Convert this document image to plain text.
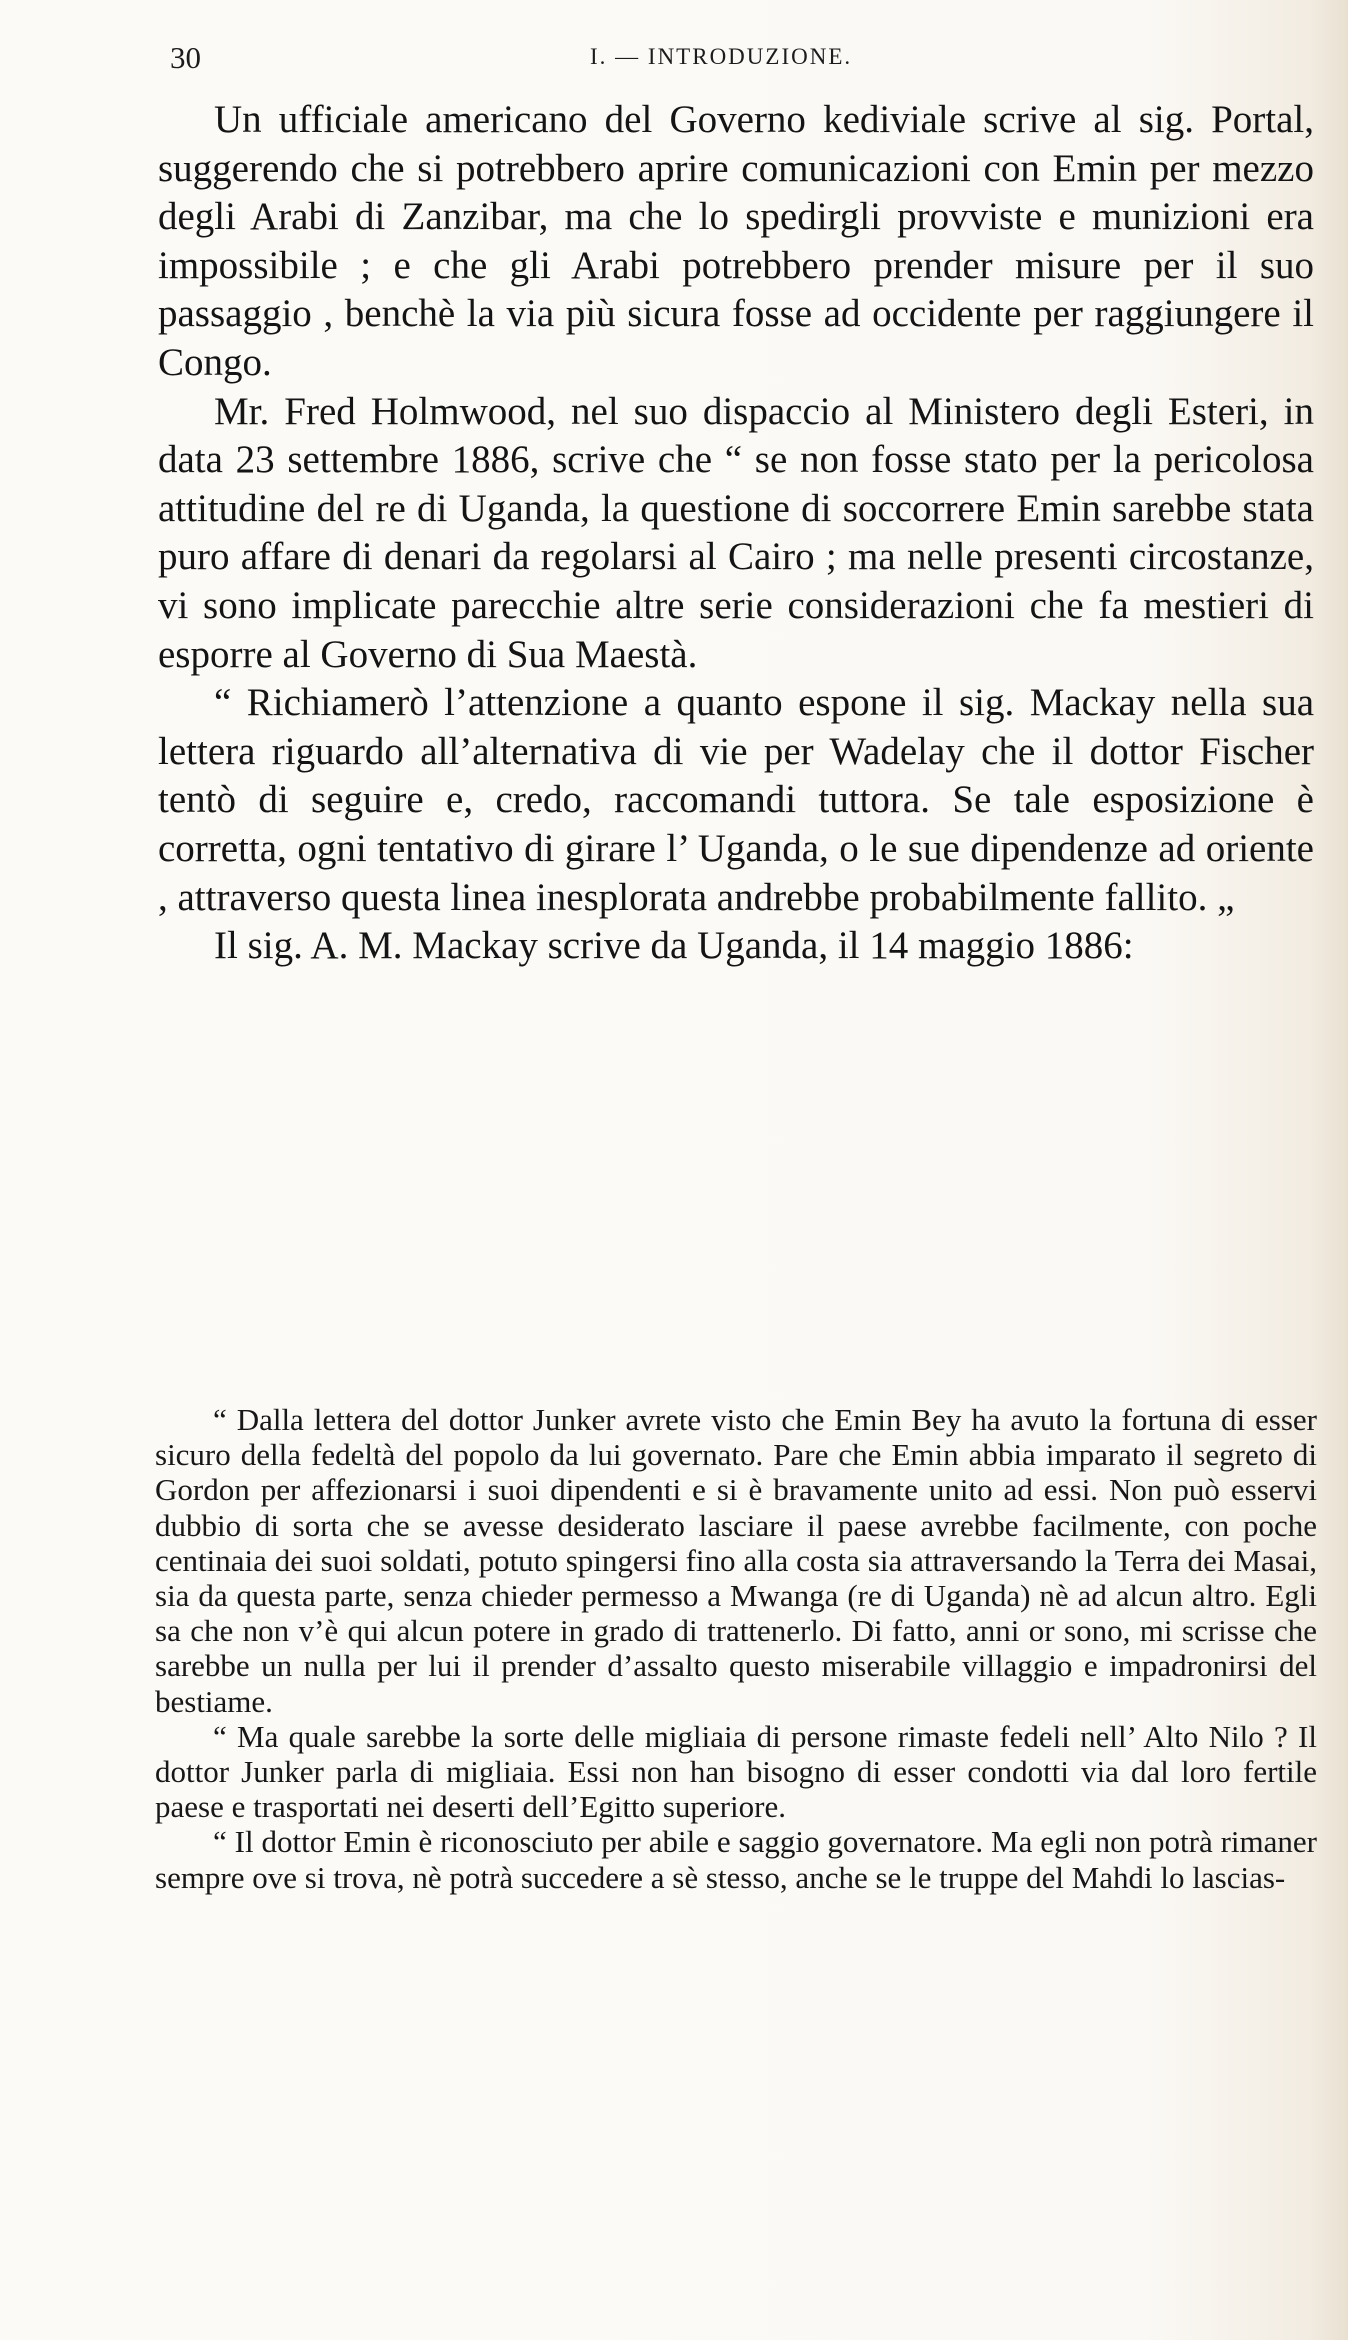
30	I. — INTRODUZIONE.

Un ufficiale americano del Governo kediviale scrive al sig. Portal, suggerendo che si potrebbero aprire comunicazioni con Emin per mezzo degli Arabi di Zanzibar, ma che lo spedirgli provviste e munizioni era impossibile ; e che gli Arabi potrebbero prender misure per il suo passaggio , benchè la via più sicura fosse ad occidente per raggiungere il Congo.

Mr. Fred Holmwood, nel suo dispaccio al Ministero degli Esteri, in data 23 settembre 1886, scrive che “ se non fosse stato per la pericolosa attitudine del re di Uganda, la questione di soccorrere Emin sarebbe stata puro affare di denari da regolarsi al Cairo ; ma nelle presenti circostanze, vi sono implicate parecchie altre serie considerazioni che fa mestieri di esporre al Governo di Sua Maestà.

“ Richiamerò l’attenzione a quanto espone il sig. Mackay nella sua lettera riguardo all’alternativa di vie per Wadelay che il dottor Fischer tentò di seguire e, credo, raccomandi tuttora. Se tale esposizione è corretta, ogni tentativo di girare l’ Uganda, o le sue dipendenze ad oriente , attraverso questa linea inesplorata andrebbe probabilmente fallito. „

Il sig. A. M. Mackay scrive da Uganda, il 14 maggio 1886:

“ Dalla lettera del dottor Junker avrete visto che Emin Bey ha avuto la fortuna di esser sicuro della fedeltà del popolo da lui governato. Pare che Emin abbia imparato il segreto di Gordon per affezionarsi i suoi dipendenti e si è bravamente unito ad essi. Non può esservi dubbio di sorta che se avesse desiderato lasciare il paese avrebbe facilmente, con poche centinaia dei suoi soldati, potuto spingersi fino alla costa sia attraversando la Terra dei Masai, sia da questa parte, senza chieder permesso a Mwanga (re di Uganda) nè ad alcun altro. Egli sa che non v’è qui alcun potere in grado di trattenerlo. Di fatto, anni or sono, mi scrisse che sarebbe un nulla per lui il prender d’assalto questo miserabile villaggio e impadronirsi del bestiame.

“ Ma quale sarebbe la sorte delle migliaia di persone rimaste fedeli nell’ Alto Nilo ? Il dottor Junker parla di migliaia. Essi non han bisogno di esser condotti via dal loro fertile paese e trasportati nei deserti dell’Egitto superiore.

“ Il dottor Emin è riconosciuto per abile e saggio governatore. Ma egli non potrà rimaner sempre ove si trova, nè potrà succedere a sè stesso, anche se le truppe del Mahdi lo lascias-
